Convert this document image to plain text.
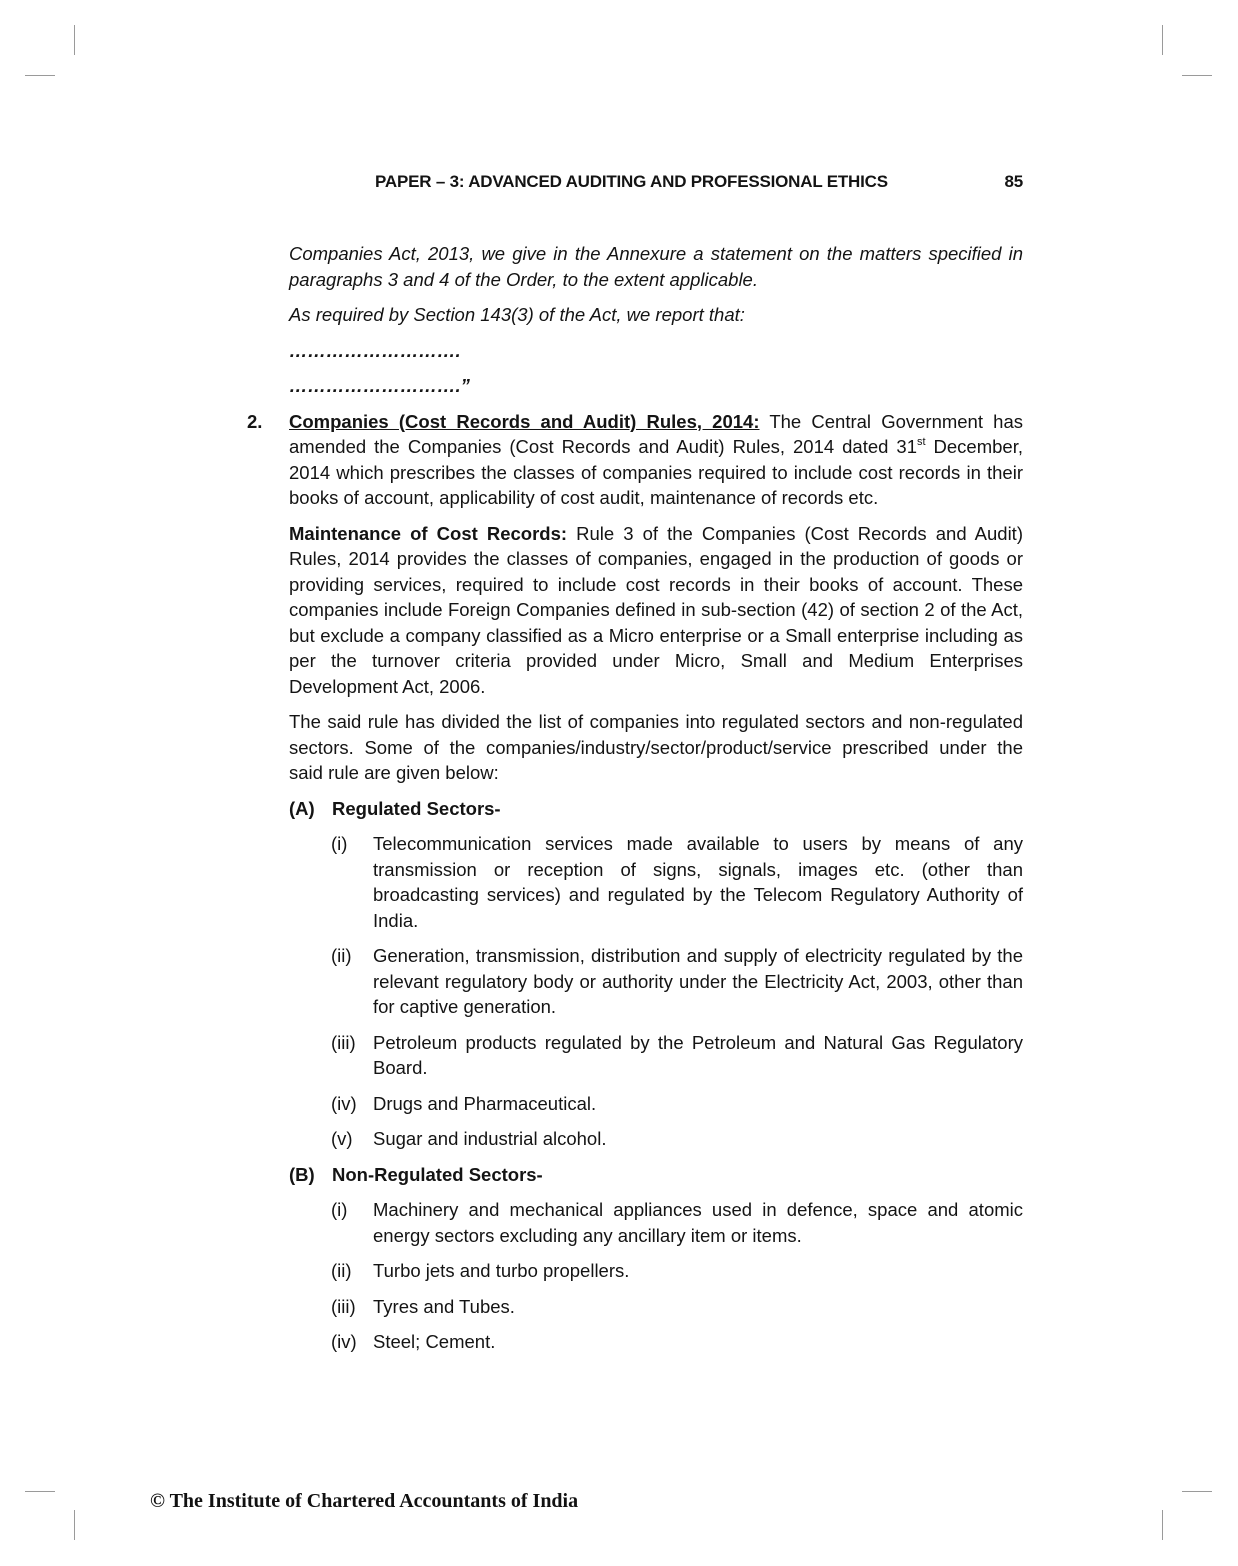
PAPER – 3: ADVANCED AUDITING AND PROFESSIONAL ETHICS	85
2.

Companies Act, 2013, we give in the Annexure a statement on the matters specified in paragraphs 3 and 4 of the Order, to the extent applicable.

As required by Section 143(3) of the Act, we report that:

……………………….

……………………….”

Companies (Cost Records and Audit) Rules, 2014: The Central Government has amended the Companies (Cost Records and Audit) Rules, 2014 dated 31st December, 2014 which prescribes the classes of companies required to include cost records in their books of account, applicability of cost audit, maintenance of records etc.

Maintenance of Cost Records: Rule 3 of the Companies (Cost Records and Audit) Rules, 2014 provides the classes of companies, engaged in the production of goods or providing services, required to include cost records in their books of account. These companies include Foreign Companies defined in sub-section (42) of section 2 of the Act, but exclude a company classified as a Micro enterprise or a Small enterprise including as per the turnover criteria provided under Micro, Small and Medium Enterprises Development Act, 2006.

The said rule has divided the list of companies into regulated sectors and non-regulated sectors. Some of the companies/industry/sector/product/service prescribed under the said rule are given below:

(A) Regulated Sectors-
(i)	Telecommunication services made available to users by means of any transmission or reception of signs, signals, images etc. (other than broadcasting services) and regulated by the Telecom Regulatory Authority of India.
(ii)	Generation, transmission, distribution and supply of electricity regulated by the relevant regulatory body or authority under the Electricity Act, 2003, other than for captive generation.
(iii) Petroleum products regulated by the Petroleum and Natural Gas Regulatory Board.
(iv) Drugs and Pharmaceutical.
(v)	Sugar and industrial alcohol.
(B) Non-Regulated Sectors-
(i)	Machinery and mechanical appliances used in defence, space and atomic energy sectors excluding any ancillary item or items.
(ii)	Turbo jets and turbo propellers.
(iii) Tyres and Tubes.
(iv) Steel; Cement.
© The Institute of Chartered Accountants of India
